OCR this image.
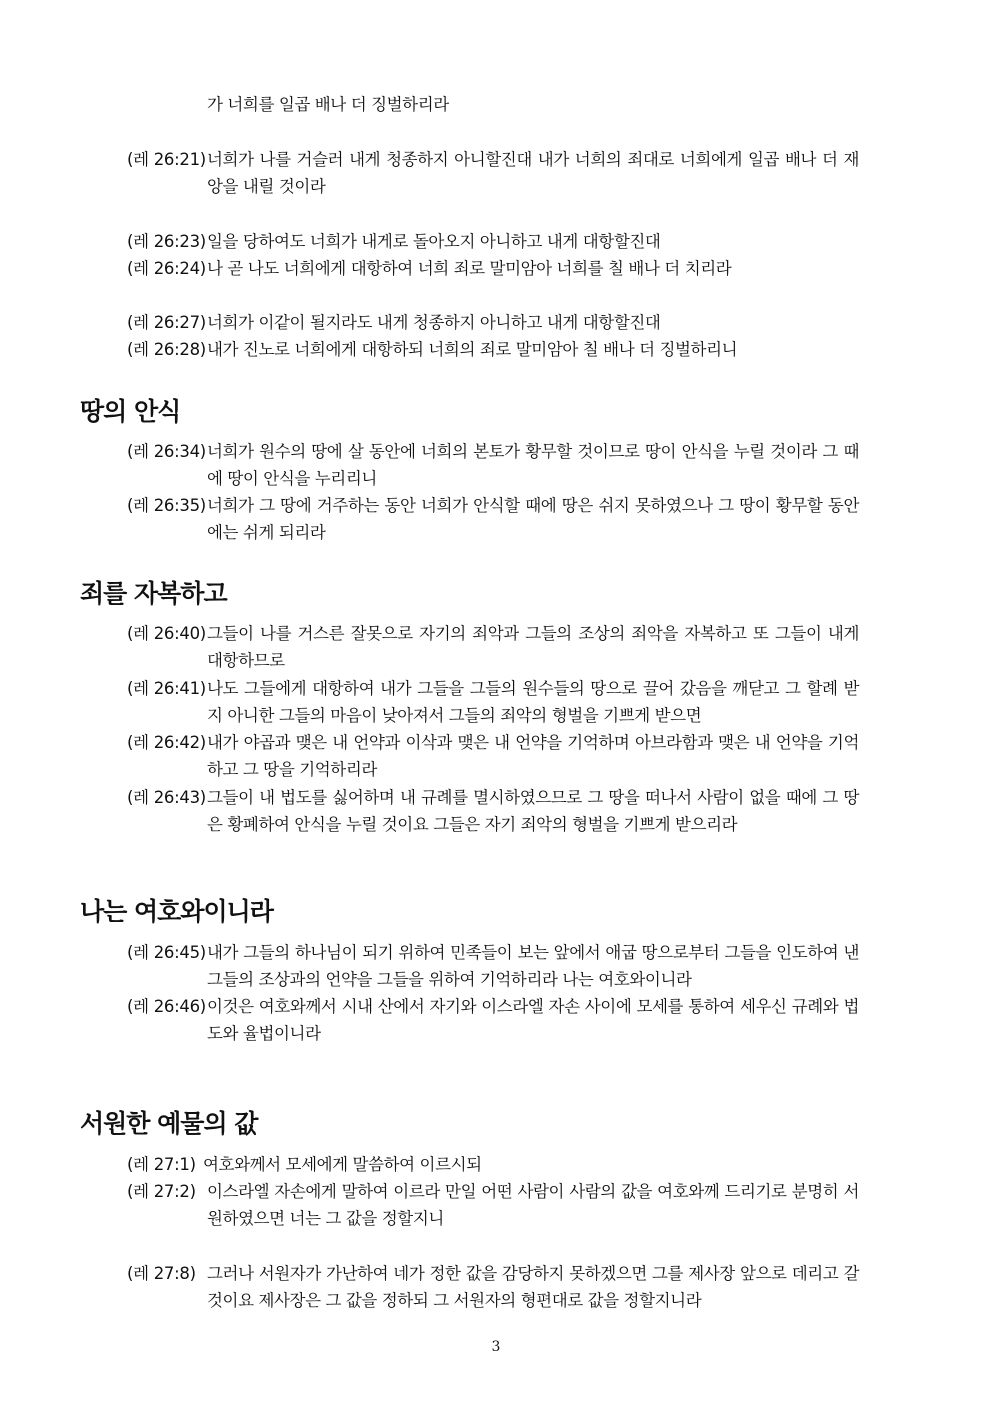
가 너희를 일곱 배나 더 징벌하리라
(레 26:21) 너희가 나를 거슬러 내게 청종하지 아니할진대 내가 너희의 죄대로 너희에게 일곱 배나 더 재앙을 내릴 것이라
(레 26:23) 일을 당하여도 너희가 내게로 돌아오지 아니하고 내게 대항할진대
(레 26:24) 나 곧 나도 너희에게 대항하여 너희 죄로 말미암아 너희를 칠 배나 더 치리라
(레 26:27) 너희가 이같이 될지라도 내게 청종하지 아니하고 내게 대항할진대
(레 26:28) 내가 진노로 너희에게 대항하되 너희의 죄로 말미암아 칠 배나 더 징벌하리니
땅의 안식
(레 26:34) 너희가 원수의 땅에 살 동안에 너희의 본토가 황무할 것이므로 땅이 안식을 누릴 것이라 그 때에 땅이 안식을 누리리니
(레 26:35) 너희가 그 땅에 거주하는 동안 너희가 안식할 때에 땅은 쉬지 못하였으나 그 땅이 황무할 동안에는 쉬게 되리라
죄를 자복하고
(레 26:40) 그들이 나를 거스른 잘못으로 자기의 죄악과 그들의 조상의 죄악을 자복하고 또 그들이 내게 대항하므로
(레 26:41) 나도 그들에게 대항하여 내가 그들을 그들의 원수들의 땅으로 끌어 갔음을 깨닫고 그 할례 받지 아니한 그들의 마음이 낮아져서 그들의 죄악의 형벌을 기쁘게 받으면
(레 26:42) 내가 야곱과 맺은 내 언약과 이삭과 맺은 내 언약을 기억하며 아브라함과 맺은 내 언약을 기억하고 그 땅을 기억하리라
(레 26:43) 그들이 내 법도를 싫어하며 내 규례를 멸시하였으므로 그 땅을 떠나서 사람이 없을 때에 그 땅은 황폐하여 안식을 누릴 것이요 그들은 자기 죄악의 형벌을 기쁘게 받으리라
나는 여호와이니라
(레 26:45) 내가 그들의 하나님이 되기 위하여 민족들이 보는 앞에서 애굽 땅으로부터 그들을 인도하여 낸 그들의 조상과의 언약을 그들을 위하여 기억하리라 나는 여호와이니라
(레 26:46) 이것은 여호와께서 시내 산에서 자기와 이스라엘 자손 사이에 모세를 통하여 세우신 규례와 법도와 율법이니라
서원한 예물의 값
(레 27:1) 여호와께서 모세에게 말씀하여 이르시되
(레 27:2) 이스라엘 자손에게 말하여 이르라 만일 어떤 사람이 사람의 값을 여호와께 드리기로 분명히 서원하였으면 너는 그 값을 정할지니
(레 27:8) 그러나 서원자가 가난하여 네가 정한 값을 감당하지 못하겠으면 그를 제사장 앞으로 데리고 갈 것이요 제사장은 그 값을 정하되 그 서원자의 형편대로 값을 정할지니라
3
